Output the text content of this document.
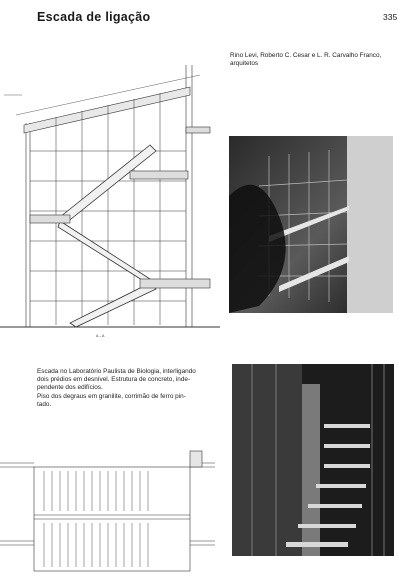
Escada de ligação	335
Rino Levi, Roberto C. Cesar e L. R. Carvalho Franco,
arquitetos
Escada no Laboratório Paulista de Biologia, interligando
dois prédios em desnível. Estrutura de concreto, inde-
pendente dos edifícios.
Piso dos degraus em granilite, corrimão de ferro pin-
tado.
A – A
